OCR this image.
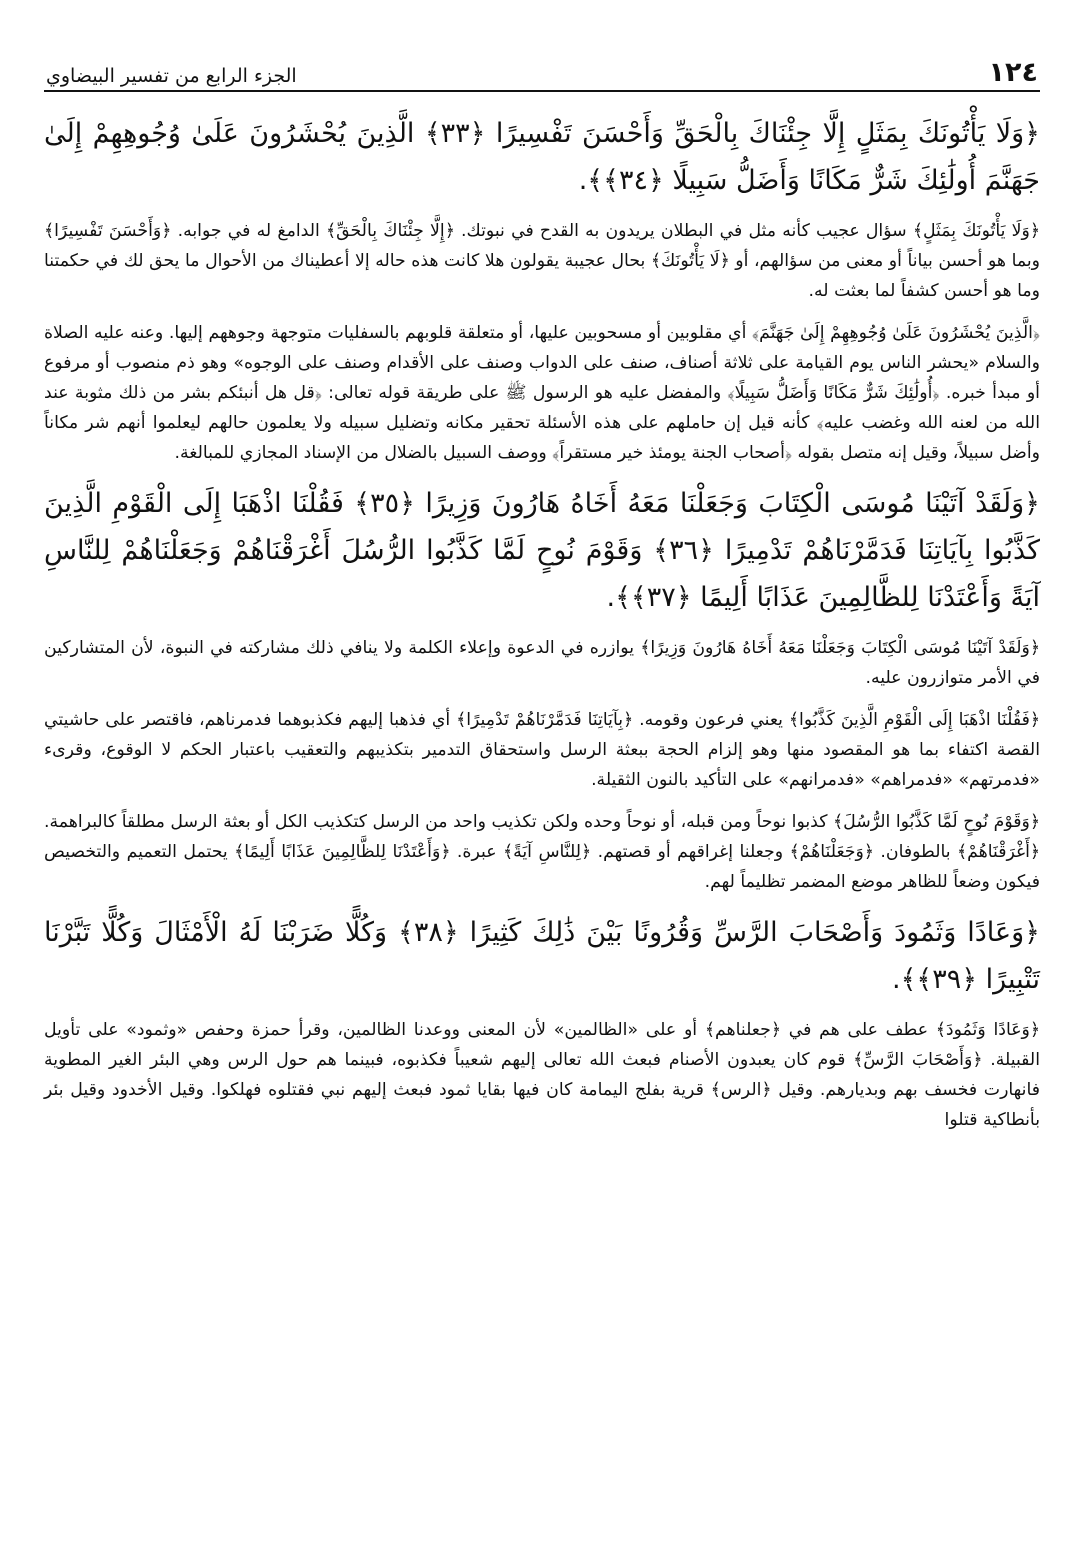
١٢٤
الجزء الرابع من تفسير البيضاوي

﴿وَلَا يَأْتُونَكَ بِمَثَلٍ إِلَّا جِئْنَاكَ بِالْحَقِّ وَأَحْسَنَ تَفْسِيرًا ﴿٣٣﴾ الَّذِينَ يُحْشَرُونَ عَلَىٰ وُجُوهِهِمْ إِلَىٰ جَهَنَّمَ أُولَٰئِكَ شَرٌّ مَكَانًا وَأَضَلُّ سَبِيلًا ﴿٣٤﴾﴾.

﴿وَلَا يَأْتُونَكَ بِمَثَلٍ﴾ سؤال عجيب كأنه مثل في البطلان يريدون به القدح في نبوتك. ﴿إِلَّا جِئْنَاكَ بِالْحَقِّ﴾ الدامغ له في جوابه. ﴿وَأَحْسَنَ تَفْسِيرًا﴾ وبما هو أحسن بياناً أو معنى من سؤالهم، أو ﴿لَا يَأْتُونَكَ﴾ بحال عجيبة يقولون هلا كانت هذه حاله إلا أعطيناك من الأحوال ما يحق لك في حكمتنا وما هو أحسن كشفاً لما بعثت له.

﴿الَّذِينَ يُحْشَرُونَ عَلَىٰ وُجُوهِهِمْ إِلَىٰ جَهَنَّمَ﴾ أي مقلوبين أو مسحوبين عليها، أو متعلقة قلوبهم بالسفليات متوجهة وجوههم إليها. وعنه عليه الصلاة والسلام «يحشر الناس يوم القيامة على ثلاثة أصناف، صنف على الدواب وصنف على الأقدام وصنف على الوجوه» وهو ذم منصوب أو مرفوع أو مبدأ خبره. ﴿أُولَٰئِكَ شَرٌّ مَكَانًا وَأَضَلُّ سَبِيلًا﴾ والمفضل عليه هو الرسول ﷺ على طريقة قوله تعالى: ﴿قل هل أنبئكم بشر من ذلك مثوبة عند الله من لعنه الله وغضب عليه﴾ كأنه قيل إن حاملهم على هذه الأسئلة تحقير مكانه وتضليل سبيله ولا يعلمون حالهم ليعلموا أنهم شر مكاناً وأضل سبيلاً، وقيل إنه متصل بقوله ﴿أصحاب الجنة يومئذ خير مستقراً﴾ ووصف السبيل بالضلال من الإسناد المجازي للمبالغة.

﴿وَلَقَدْ آتَيْنَا مُوسَى الْكِتَابَ وَجَعَلْنَا مَعَهُ أَخَاهُ هَارُونَ وَزِيرًا ﴿٣٥﴾ فَقُلْنَا اذْهَبَا إِلَى الْقَوْمِ الَّذِينَ كَذَّبُوا بِآيَاتِنَا فَدَمَّرْنَاهُمْ تَدْمِيرًا ﴿٣٦﴾ وَقَوْمَ نُوحٍ لَمَّا كَذَّبُوا الرُّسُلَ أَغْرَقْنَاهُمْ وَجَعَلْنَاهُمْ لِلنَّاسِ آيَةً وَأَعْتَدْنَا لِلظَّالِمِينَ عَذَابًا أَلِيمًا ﴿٣٧﴾﴾.

﴿وَلَقَدْ آتَيْنَا مُوسَى الْكِتَابَ وَجَعَلْنَا مَعَهُ أَخَاهُ هَارُونَ وَزِيرًا﴾ يوازره في الدعوة وإعلاء الكلمة ولا ينافي ذلك مشاركته في النبوة، لأن المتشاركين في الأمر متوازرون عليه.

﴿فَقُلْنَا اذْهَبَا إِلَى الْقَوْمِ الَّذِينَ كَذَّبُوا﴾ يعني فرعون وقومه. ﴿بِآيَاتِنَا فَدَمَّرْنَاهُمْ تَدْمِيرًا﴾ أي فذهبا إليهم فكذبوهما فدمرناهم، فاقتصر على حاشيتي القصة اكتفاء بما هو المقصود منها وهو إلزام الحجة ببعثة الرسل واستحقاق التدمير بتكذيبهم والتعقيب باعتبار الحكم لا الوقوع، وقرىء «فدمرتهم» «فدمراهم» «فدمرانهم» على التأكيد بالنون الثقيلة.

﴿وَقَوْمَ نُوحٍ لَمَّا كَذَّبُوا الرُّسُلَ﴾ كذبوا نوحاً ومن قبله، أو نوحاً وحده ولكن تكذيب واحد من الرسل كتكذيب الكل أو بعثة الرسل مطلقاً كالبراهمة. ﴿أَغْرَقْنَاهُمْ﴾ بالطوفان. ﴿وَجَعَلْنَاهُمْ﴾ وجعلنا إغراقهم أو قصتهم. ﴿لِلنَّاسِ آيَةً﴾ عبرة. ﴿وَأَعْتَدْنَا لِلظَّالِمِينَ عَذَابًا أَلِيمًا﴾ يحتمل التعميم والتخصيص فيكون وضعاً للظاهر موضع المضمر تظليماً لهم.

﴿وَعَادًا وَثَمُودَ وَأَصْحَابَ الرَّسِّ وَقُرُونًا بَيْنَ ذَٰلِكَ كَثِيرًا ﴿٣٨﴾ وَكُلًّا ضَرَبْنَا لَهُ الْأَمْثَالَ وَكُلًّا تَبَّرْنَا تَتْبِيرًا ﴿٣٩﴾﴾.

﴿وَعَادًا وَثَمُودَ﴾ عطف على هم في ﴿جعلناهم﴾ أو على «الظالمين» لأن المعنى ووعدنا الظالمين، وقرأ حمزة وحفص «وثمود» على تأويل القبيلة. ﴿وَأَصْحَابَ الرَّسِّ﴾ قوم كان يعبدون الأصنام فبعث الله تعالى إليهم شعيباً فكذبوه، فبينما هم حول الرس وهي البئر الغير المطوية فانهارت فخسف بهم وبديارهم. وقيل ﴿الرس﴾ قرية بفلج اليمامة كان فيها بقايا ثمود فبعث إليهم نبي فقتلوه فهلكوا. وقيل الأخدود وقيل بئر بأنطاكية قتلوا
